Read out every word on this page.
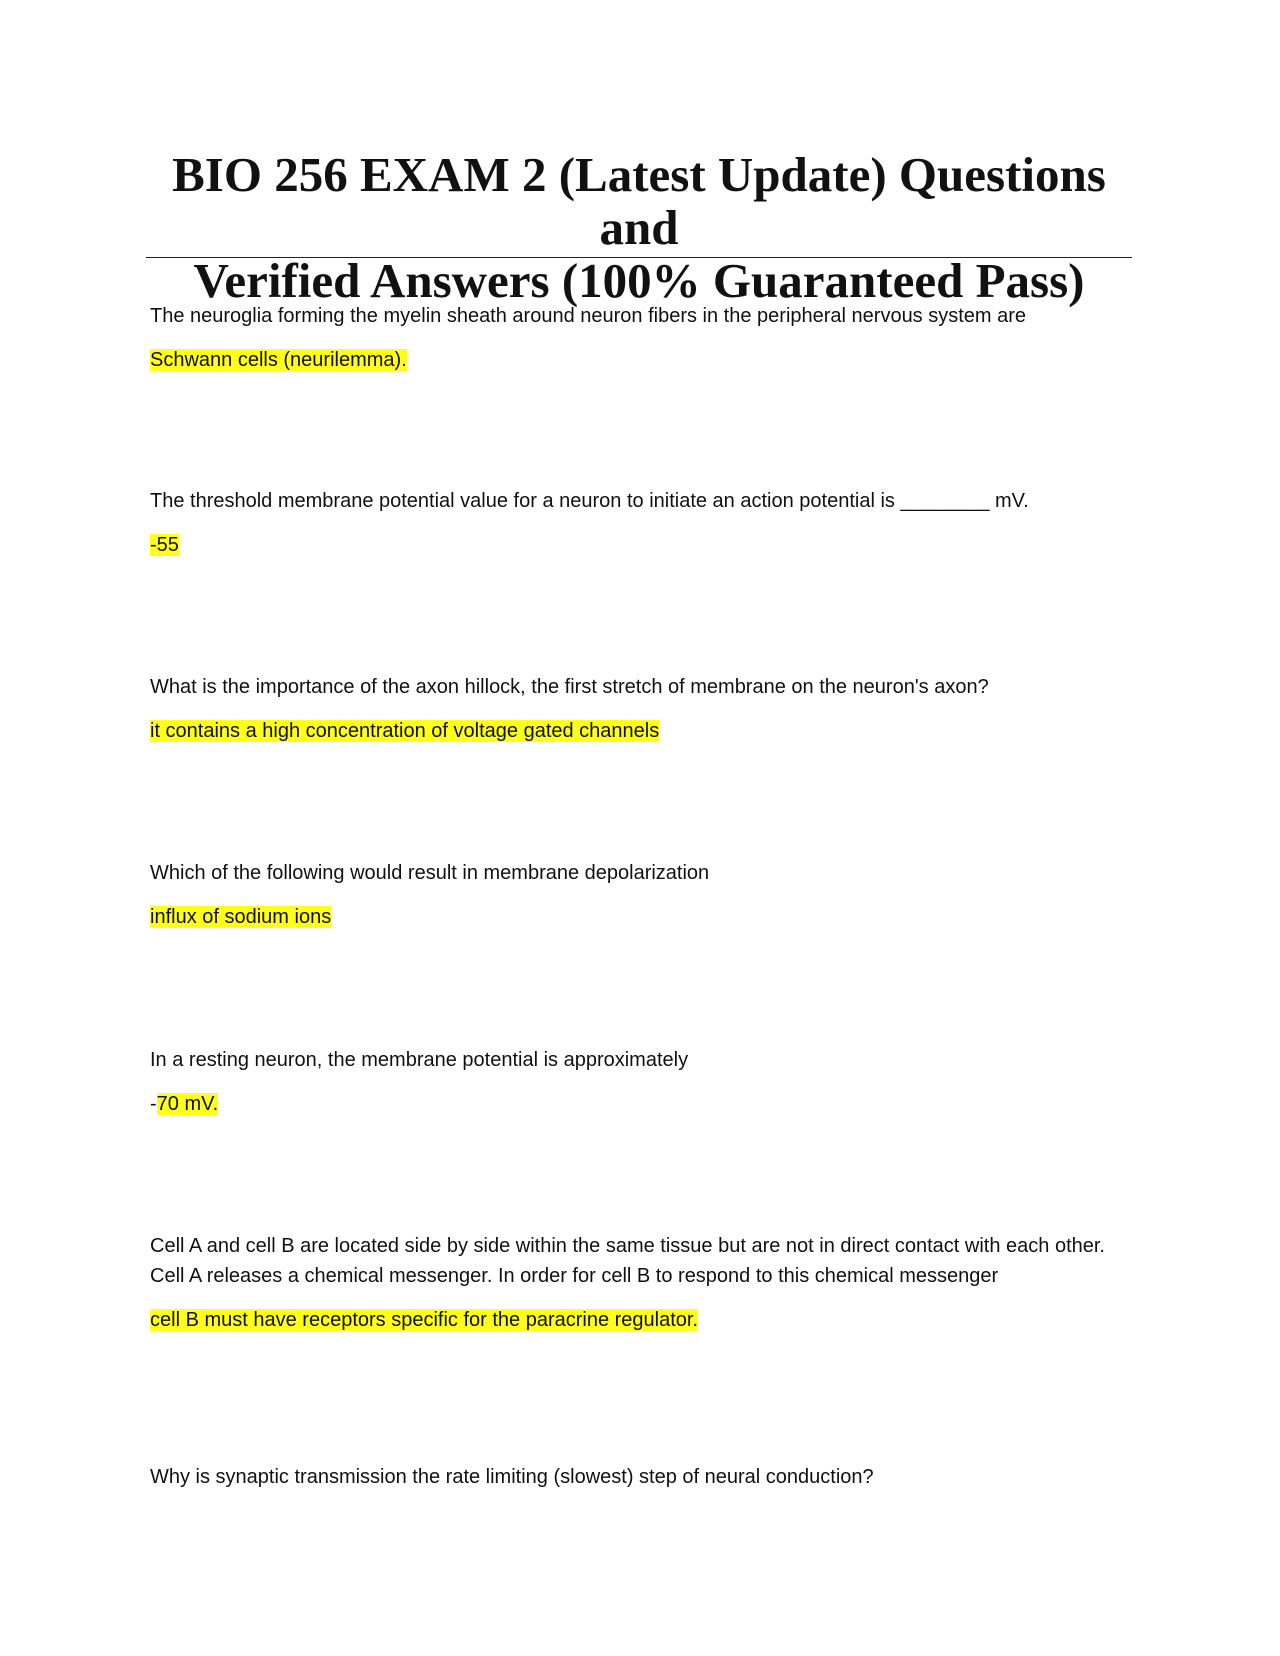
BIO 256 EXAM 2 (Latest Update) Questions and
Verified Answers (100% Guaranteed Pass)

The neuroglia forming the myelin sheath around neuron fibers in the peripheral nervous system are

Schwann cells (neurilemma).

The threshold membrane potential value for a neuron to initiate an action potential is ________ mV.

-55

What is the importance of the axon hillock, the first stretch of membrane on the neuron's axon?

it contains a high concentration of voltage gated channels

Which of the following would result in membrane depolarization

influx of sodium ions

In a resting neuron, the membrane potential is approximately

-70 mV.

Cell A and cell B are located side by side within the same tissue but are not in direct contact with each other. Cell A releases a chemical messenger. In order for cell B to respond to this chemical messenger

cell B must have receptors specific for the paracrine regulator.

Why is synaptic transmission the rate limiting (slowest) step of neural conduction?
